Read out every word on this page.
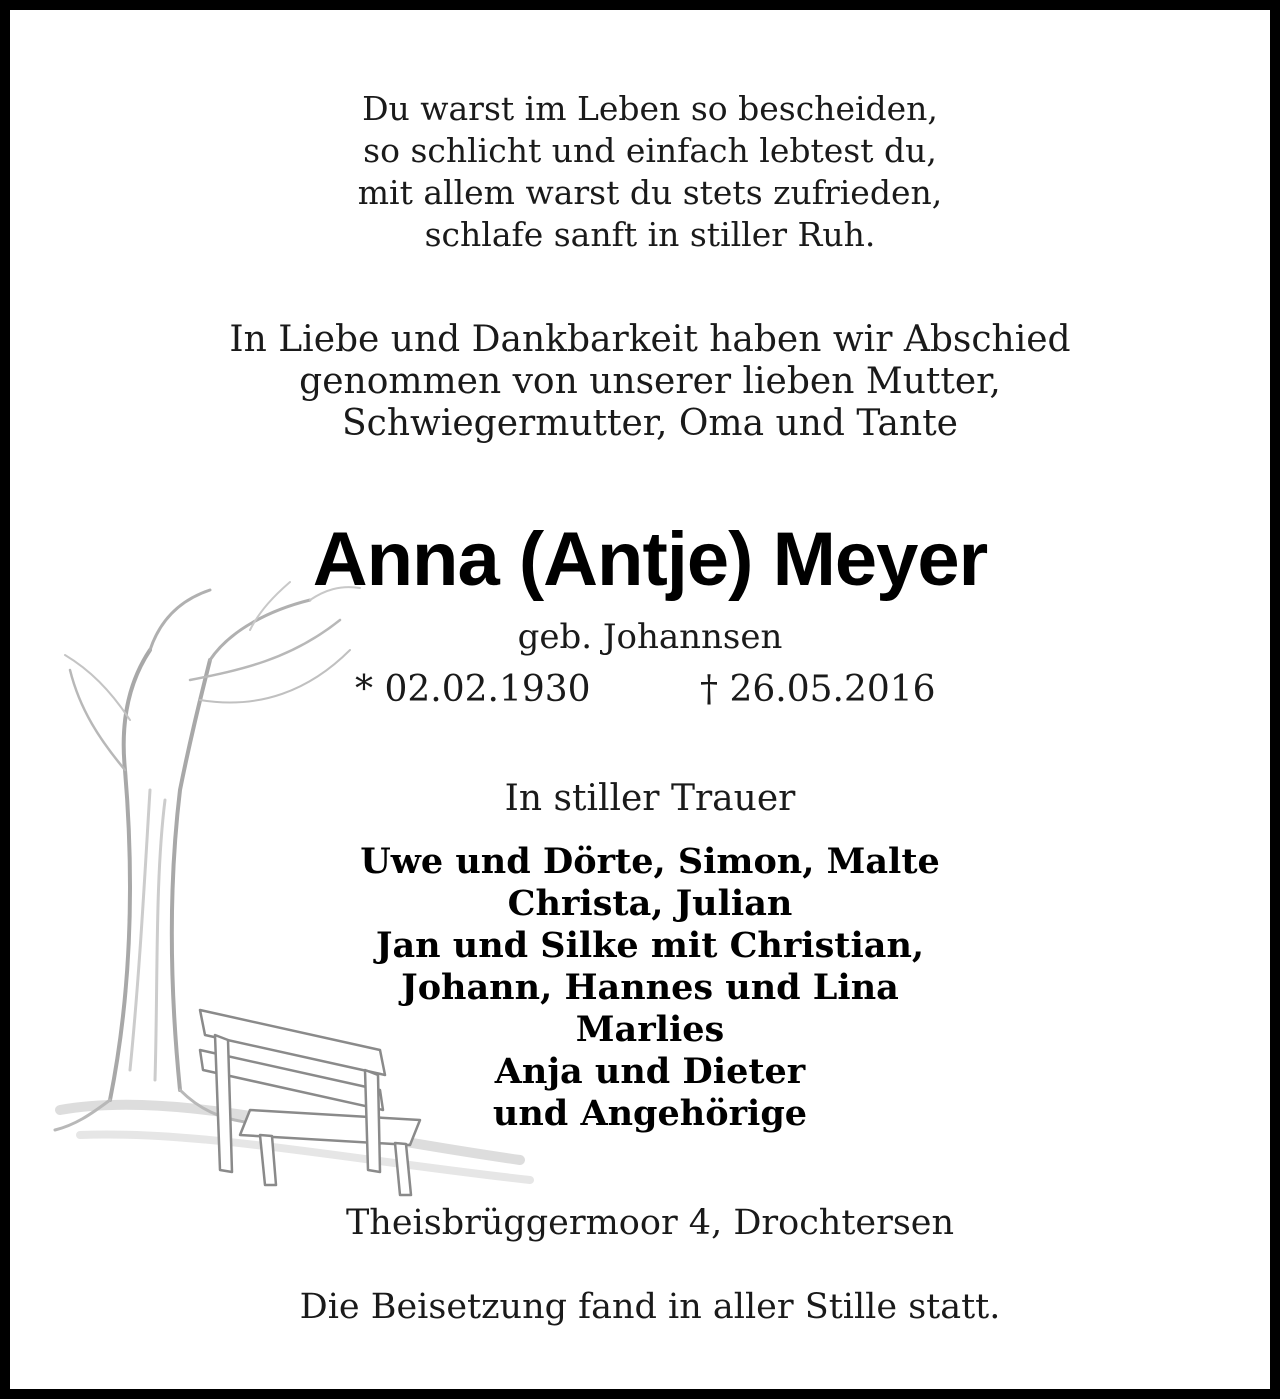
Du warst im Leben so bescheiden,

so schlicht und einfach lebtest du,

mit allem warst du stets zufrieden,

schlafe sanft in stiller Ruh.

In Liebe und Dankbarkeit haben wir Abschied

genommen von unserer lieben Mutter,

Schwiegermutter, Oma und Tante

Anna (Antje) Meyer

geb. Johannsen

* 02.02.1930	† 26.05.2016

In stiller Trauer

Uwe und Dörte, Simon, Malte

Christa, Julian

Jan und Silke mit Christian,

Johann, Hannes und Lina

Marlies

Anja und Dieter

und Angehörige

Theisbrüggermoor 4, Drochtersen

Die Beisetzung fand in aller Stille statt.
